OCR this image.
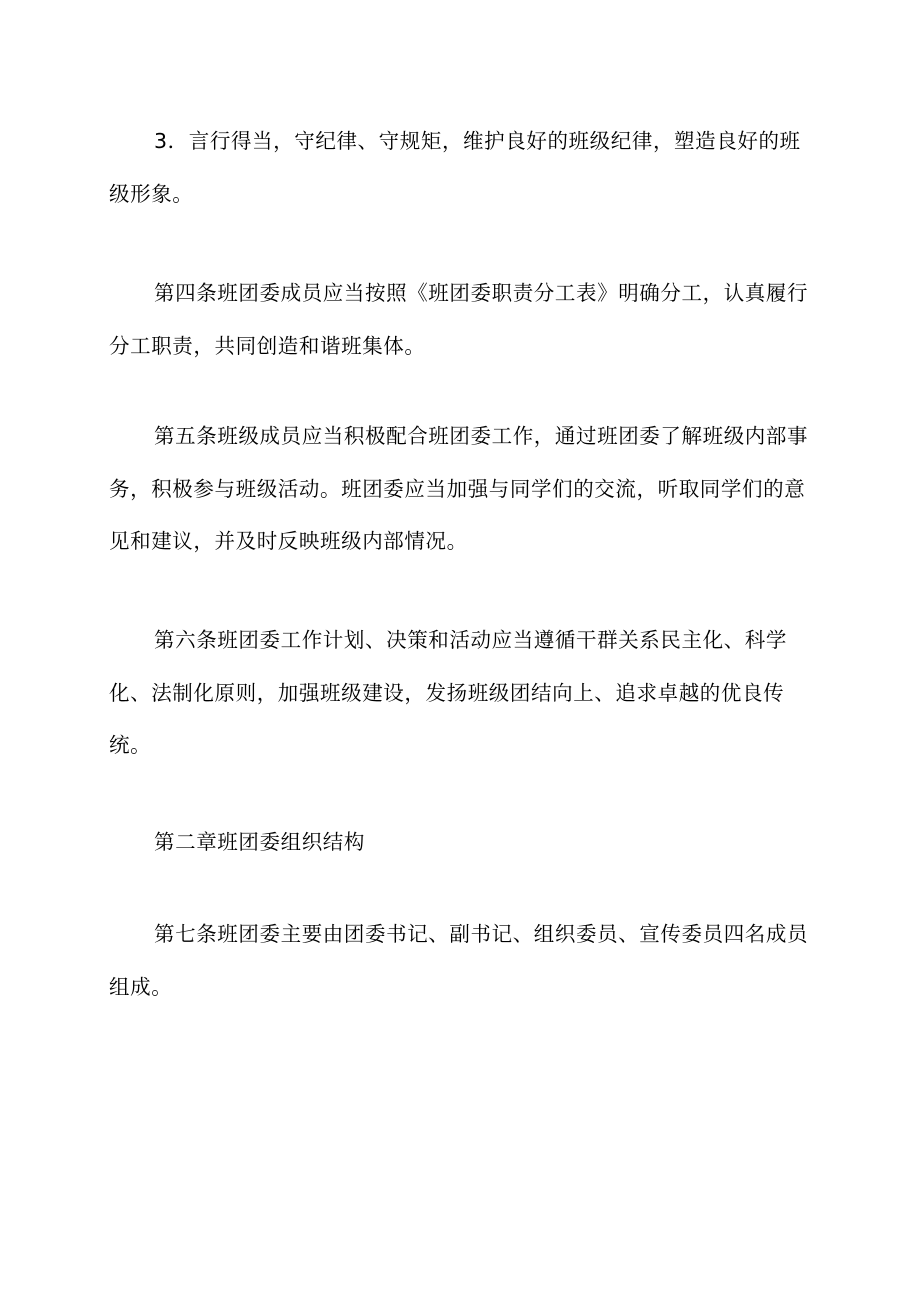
3．言行得当，守纪律、守规矩，维护良好的班级纪律，塑造良好的班级形象。

第四条班团委成员应当按照《班团委职责分工表》明确分工，认真履行分工职责，共同创造和谐班集体。

第五条班级成员应当积极配合班团委工作，通过班团委了解班级内部事务，积极参与班级活动。班团委应当加强与同学们的交流，听取同学们的意见和建议，并及时反映班级内部情况。

第六条班团委工作计划、决策和活动应当遵循干群关系民主化、科学化、法制化原则，加强班级建设，发扬班级团结向上、追求卓越的优良传统。

第二章班团委组织结构

第七条班团委主要由团委书记、副书记、组织委员、宣传委员四名成员组成。
